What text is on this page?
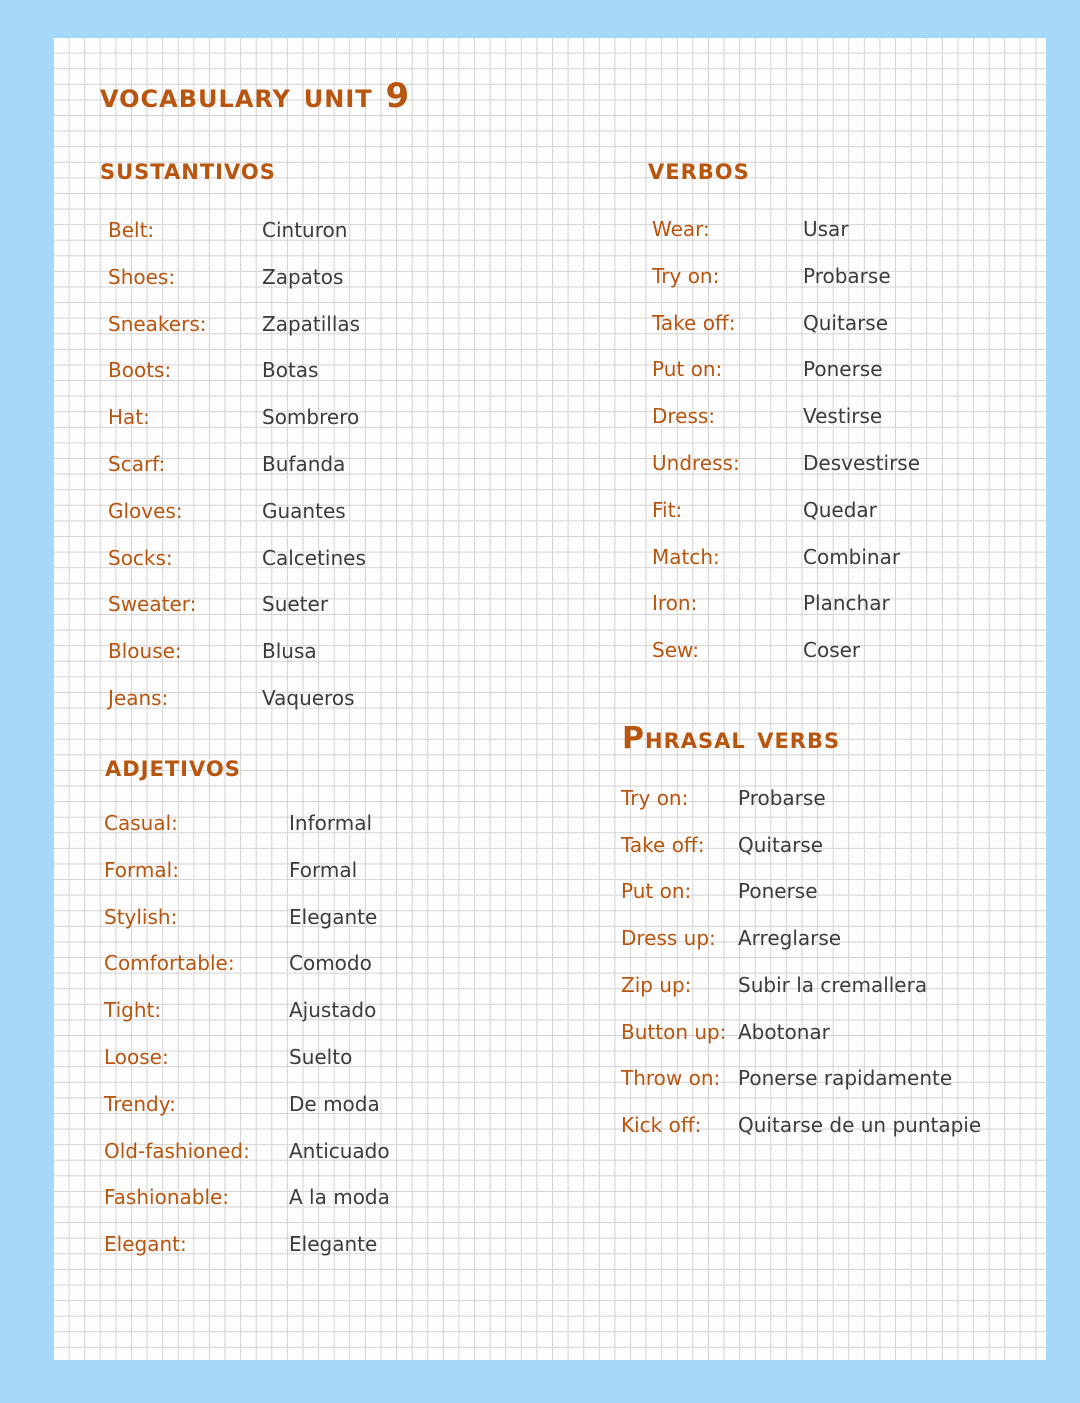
vocabulary unit 9
sustantivos	verbos
adjetivos
Phrasal verbs
Belt:	Cinturon
Shoes:	Zapatos
Sneakers:	Zapatillas
Boots:	Botas
Hat:	Sombrero
Scarf:	Bufanda
Gloves:	Guantes
Socks:	Calcetines
Sweater:	Sueter
Blouse:	Blusa
Jeans:	Vaqueros
Wear:	Usar
Try on:	Probarse
Take off:	Quitarse
Put on:	Ponerse
Dress:	Vestirse
Undress:	Desvestirse
Fit:	Quedar
Match:	Combinar
Iron:	Planchar
Sew:	Coser
Casual:	Informal
Formal:	Formal
Stylish:	Elegante
Comfortable:	Comodo
Tight:	Ajustado
Loose:	Suelto
Trendy:	De moda
Old-fashioned: Anticuado
Fashionable:	A la moda
Elegant:	Elegante
Try on: Probarse
Take off: Quitarse
Put on: Ponerse
Dress up: Arreglarse
Zip up: Subir la cremallera
Button up: Abotonar
Throw on: Ponerse rapidamente
Kick off: Quitarse de un puntapie
